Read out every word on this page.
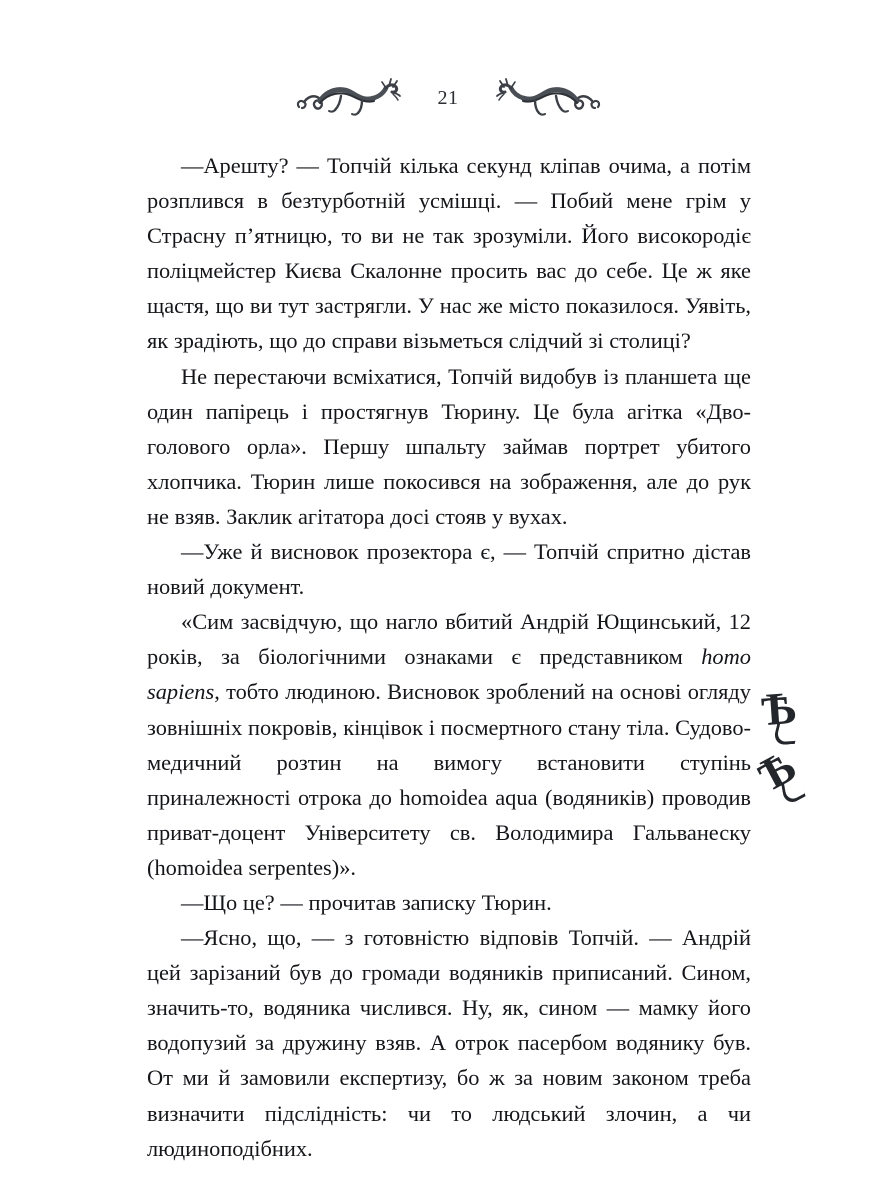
21
Ѣ
Ѣ

—Арешту? — Топчій кілька секунд кліпав очима, а потім розплився в безтурботній усмішці. — Побий мене грім у Страсну п’ятницю, то ви не так зрозуміли. Його високородіє поліцмейстер Києва Скалонне просить вас до себе. Це ж яке щастя, що ви тут застрягли. У нас же місто показилося. Уявіть, як зрадіють, що до справи візьметься слідчий зі столиці?

Не перестаючи всміхатися, Топчій видобув із планшета ще один папірець і простягнув Тюрину. Це була агітка «Двоголового орла». Першу шпальту займав портрет убитого хлопчика. Тюрин лише покосився на зображення, але до рук не взяв. Заклик агітатора досі стояв у вухах.

—Уже й висновок прозектора є, — Топчій спритно дістав новий документ.

«Сим засвідчую, що нагло вбитий Андрій Ющинський, 12 років, за біологічними ознаками є представником homo sapiens, тобто людиною. Висновок зроблений на основі огляду зовнішніх покровів, кінцівок і посмертного стану тіла. Судово-медичний розтин на вимогу встановити ступінь приналежності отрока до homoidea aqua (водяників) проводив приват-доцент Університету св. Володимира Гальванеску (homoidea serpentes)».

—Що це? — прочитав записку Тюрин.

—Ясно, що, — з готовністю відповів Топчій. — Андрій цей зарізаний був до громади водяників приписаний. Сином, значить-то, водяника числився. Ну, як, сином — мамку його водопузий за дружину взяв. А отрок пасербом водянику був. От ми й замовили експертизу, бо ж за новим законом треба визначити підслідність: чи то людський злочин, а чи людиноподібних.
